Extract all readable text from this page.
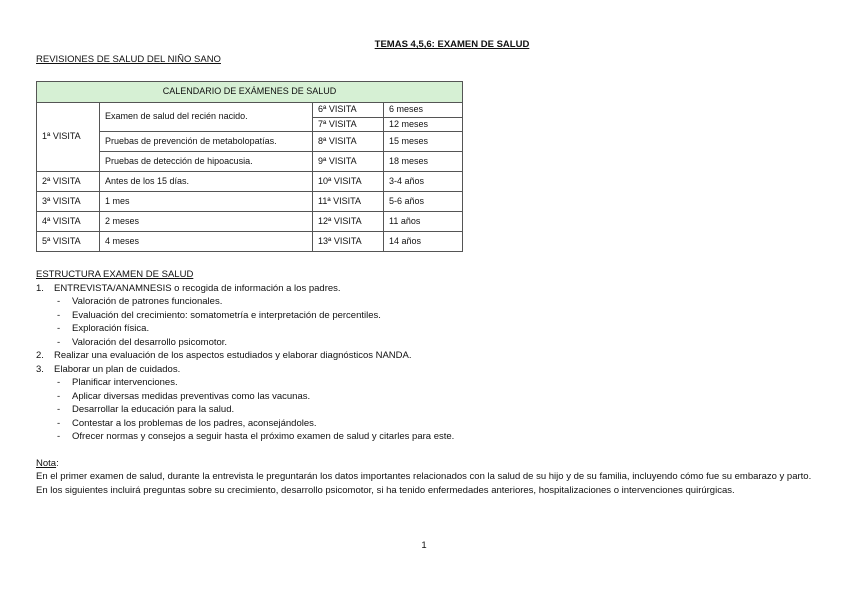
TEMAS 4,5,6: EXAMEN DE SALUD
REVISIONES DE SALUD DEL NIÑO SANO
CALENDARIO DE EXÁMENES DE SALUD			
1ª VISITA	Examen de salud del recién nacido.	6ª VISITA	6 meses
		7ª VISITA	12 meses
	Pruebas de prevención de metabolopatías.	8ª VISITA	15 meses
	Pruebas de detección de hipoacusia.	9ª VISITA	18 meses
2ª VISITA	Antes de los 15 días.	10ª VISITA	3-4 años
3ª VISITA	1 mes	11ª VISITA	5-6 años
4ª VISITA	2 meses	12ª VISITA	11 años
5ª VISITA	4 meses	13ª VISITA	14 años
ESTRUCTURA EXAMEN DE SALUD
1. ENTREVISTA/ANAMNESIS o recogida de información a los padres.
- Valoración de patrones funcionales.
- Evaluación del crecimiento: somatometría e interpretación de percentiles.
- Exploración física.
- Valoración del desarrollo psicomotor.
2. Realizar una evaluación de los aspectos estudiados y elaborar diagnósticos NANDA.
3. Elaborar un plan de cuidados.
- Planificar intervenciones.
- Aplicar diversas medidas preventivas como las vacunas.
- Desarrollar la educación para la salud.
- Contestar a los problemas de los padres, aconsejándoles.
- Ofrecer normas y consejos a seguir hasta el próximo examen de salud y citarles para este.
Nota:
En el primer examen de salud, durante la entrevista le preguntarán los datos importantes relacionados con la salud de su hijo y de su familia, incluyendo cómo fue su embarazo y parto.
En los siguientes incluirá preguntas sobre su crecimiento, desarrollo psicomotor, si ha tenido enfermedades anteriores, hospitalizaciones o intervenciones quirúrgicas.
1
